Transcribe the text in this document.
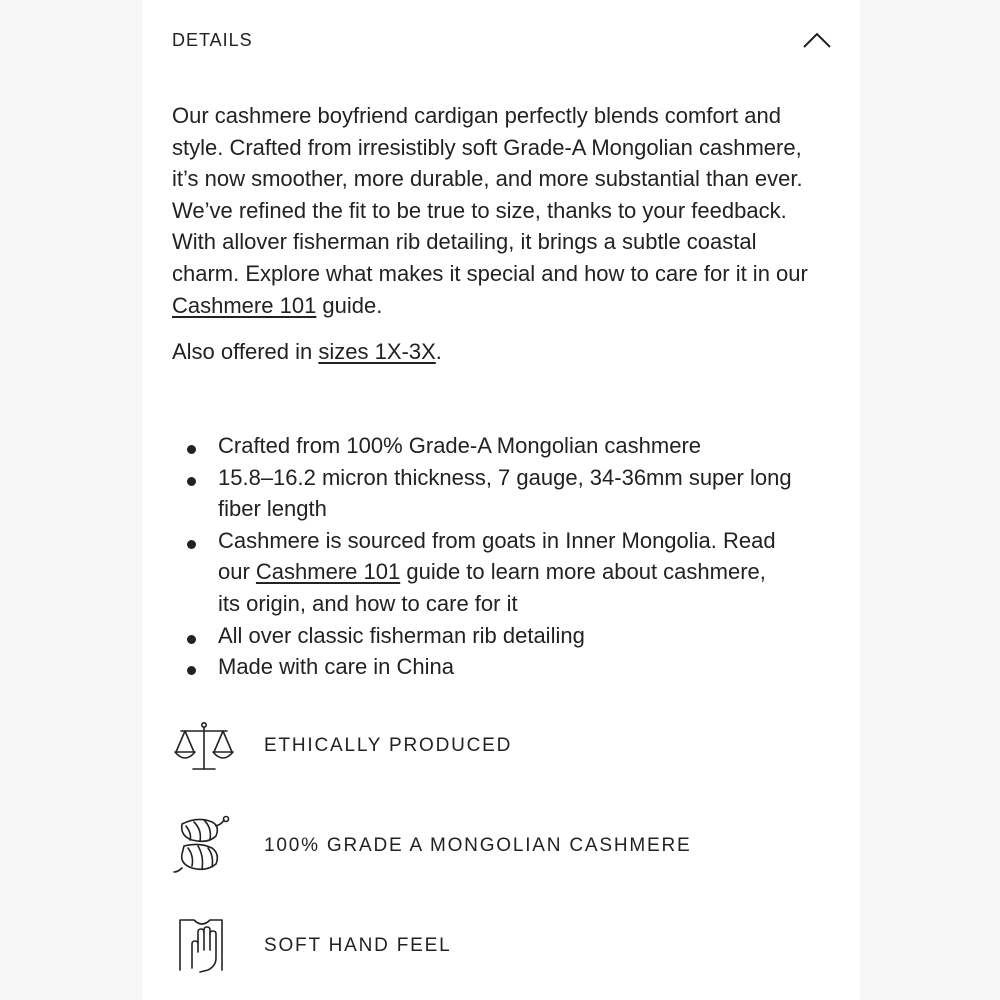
DETAILS

Our cashmere boyfriend cardigan perfectly blends comfort and style. Crafted from irresistibly soft Grade-A Mongolian cashmere, it’s now smoother, more durable, and more substantial than ever. We’ve refined the fit to be true to size, thanks to your feedback. With allover fisherman rib detailing, it brings a subtle coastal charm. Explore what makes it special and how to care for it in our Cashmere 101 guide.

Also offered in sizes 1X-3X.

Crafted from 100% Grade-A Mongolian cashmere
15.8–16.2 micron thickness, 7 gauge, 34-36mm super long fiber length
Cashmere is sourced from goats in Inner Mongolia. Read our Cashmere 101 guide to learn more about cashmere, its origin, and how to care for it
All over classic fisherman rib detailing
Made with care in China
ETHICALLY PRODUCED
100% GRADE A MONGOLIAN CASHMERE
SOFT HAND FEEL
